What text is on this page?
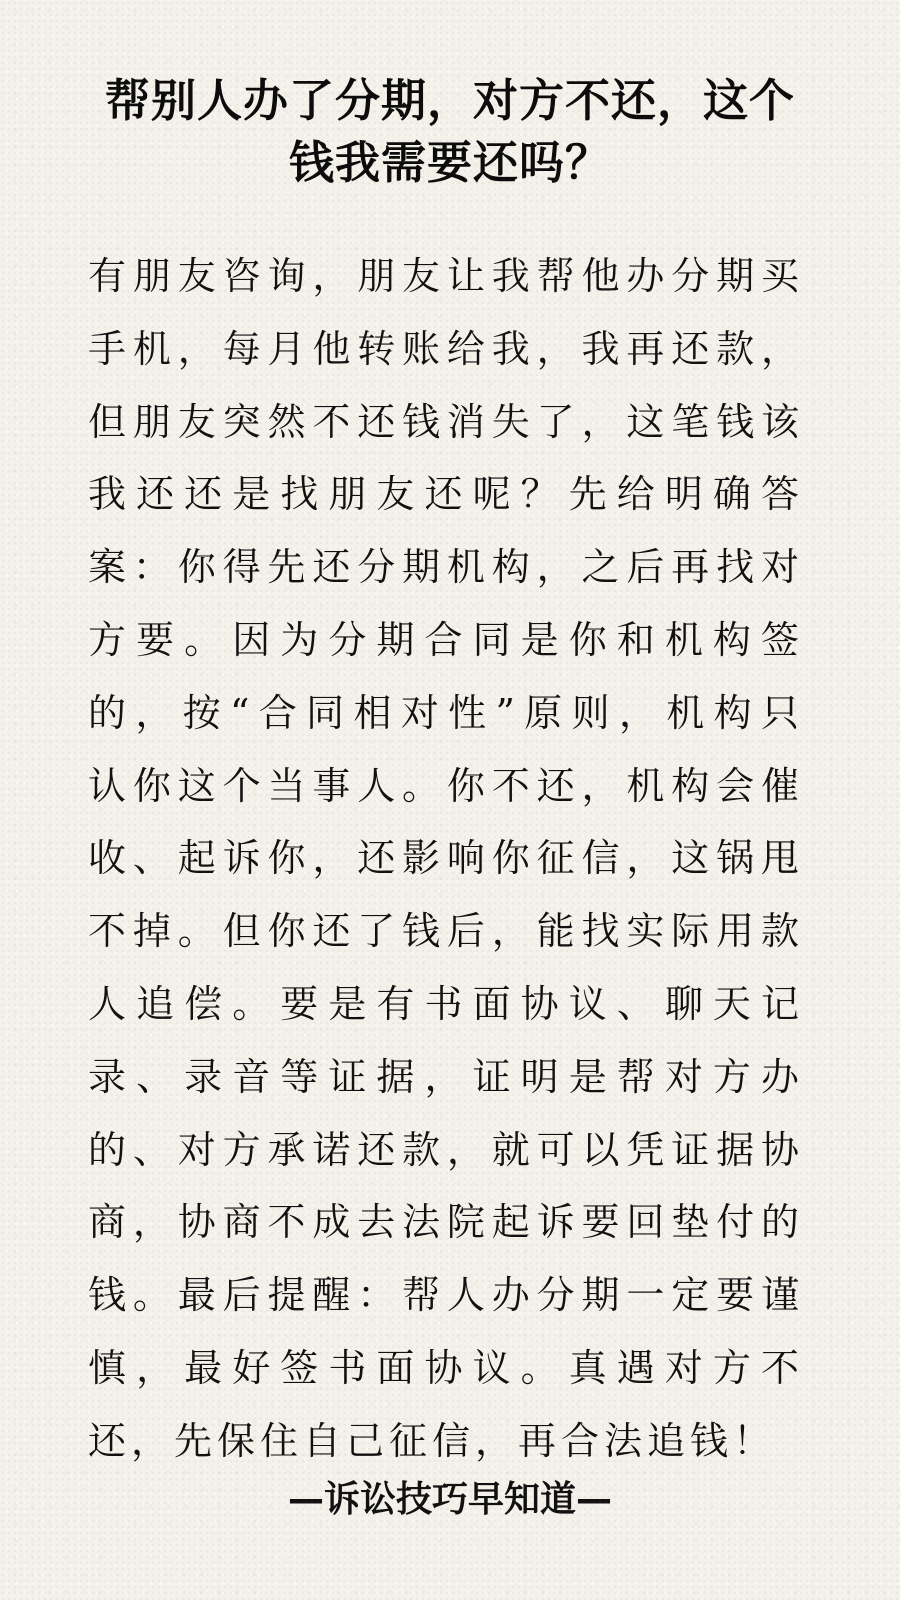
帮别人办了分期，对方不还，这个
钱我需要还吗？
有朋友咨询，朋友让我帮他办分期买
手机，每月他转账给我，我再还款，
但朋友突然不还钱消失了，这笔钱该
我还还是找朋友还呢？先给明确答
案：你得先还分期机构，之后再找对
方要。因为分期合同是你和机构签
的，按“合同相对性”原则，机构只
认你这个当事人。你不还，机构会催
收、起诉你，还影响你征信，这锅甩
不掉。但你还了钱后，能找实际用款
人追偿。要是有书面协议、聊天记
录、录音等证据，证明是帮对方办
的、对方承诺还款，就可以凭证据协
商，协商不成去法院起诉要回垫付的
钱。最后提醒：帮人办分期一定要谨
慎，最好签书面协议。真遇对方不
还，先保住自己征信，再合法追钱！
—诉讼技巧早知道—
